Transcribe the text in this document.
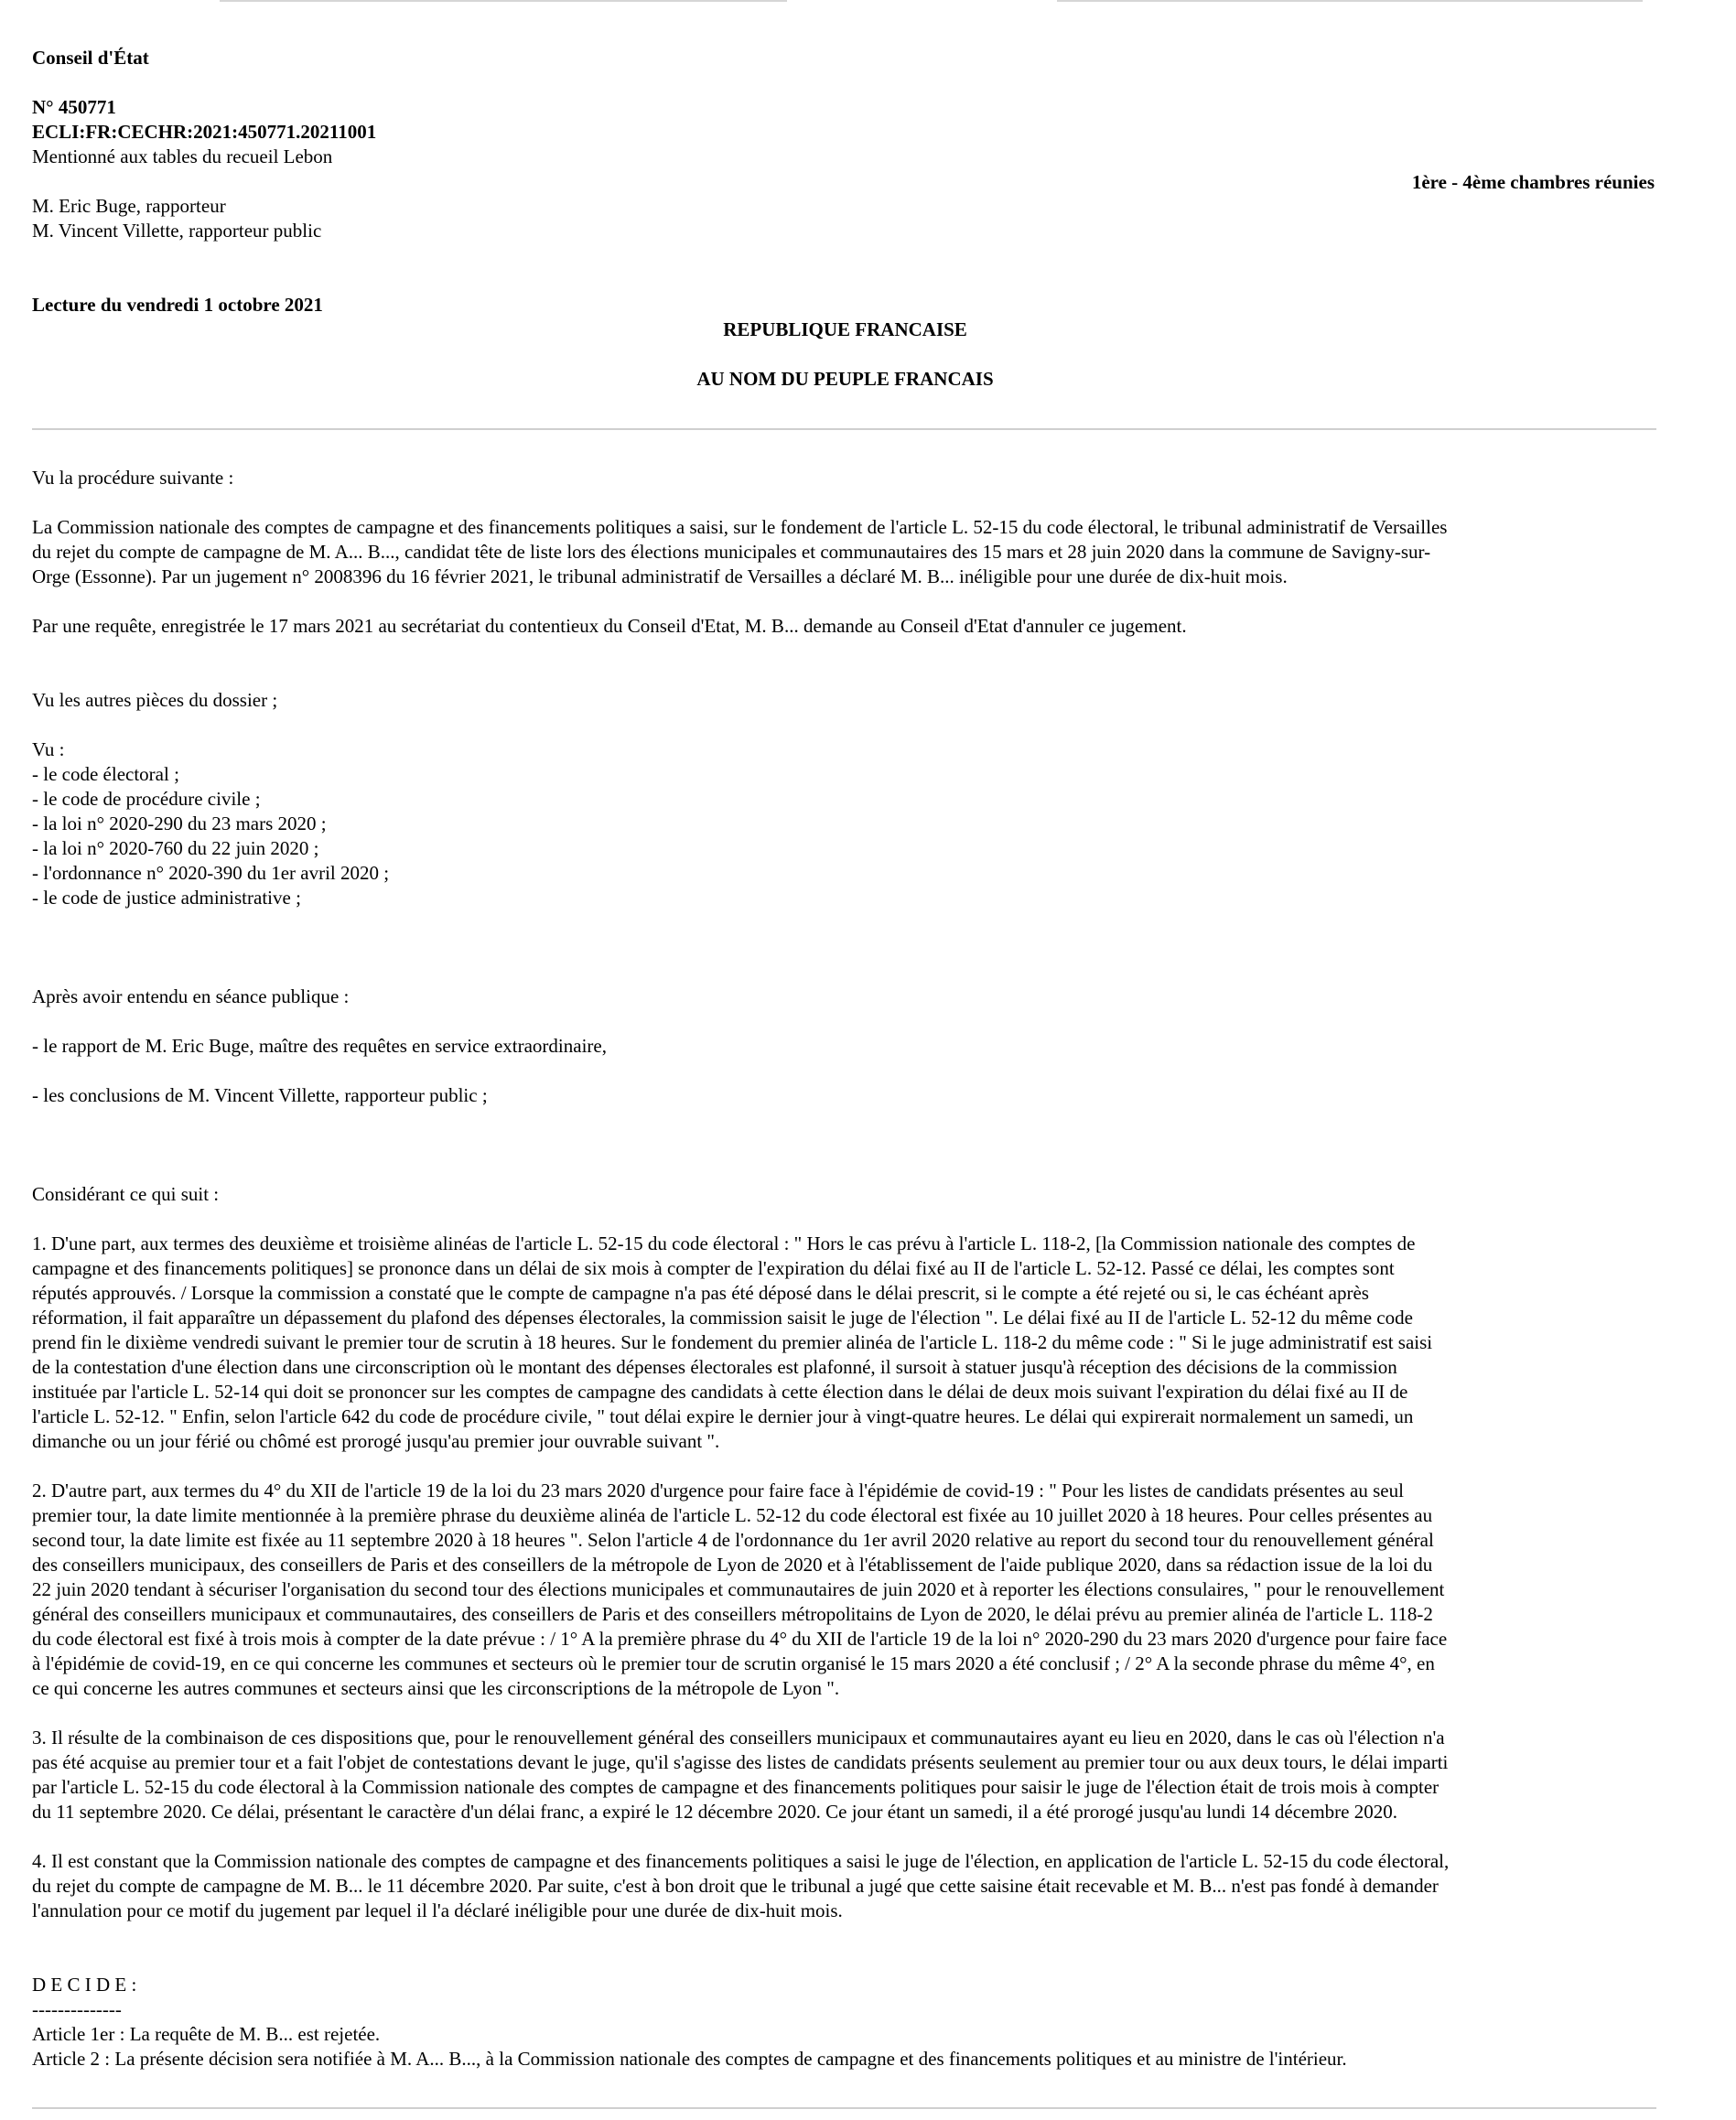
Conseil d'État
N° 450771
ECLI:FR:CECHR:2021:450771.20211001
Mentionné aux tables du recueil Lebon
1ère - 4ème chambres réunies
M. Eric Buge, rapporteur
M. Vincent Villette, rapporteur public
Lecture du vendredi 1 octobre 2021
REPUBLIQUE FRANCAISE
AU NOM DU PEUPLE FRANCAIS

Vu la procédure suivante :

La Commission nationale des comptes de campagne et des financements politiques a saisi, sur le fondement de l'article L. 52-15 du code électoral, le tribunal administratif de Versailles
du rejet du compte de campagne de M. A... B..., candidat tête de liste lors des élections municipales et communautaires des 15 mars et 28 juin 2020 dans la commune de Savigny-sur-
Orge (Essonne). Par un jugement n° 2008396 du 16 février 2021, le tribunal administratif de Versailles a déclaré M. B... inéligible pour une durée de dix-huit mois.

Par une requête, enregistrée le 17 mars 2021 au secrétariat du contentieux du Conseil d'Etat, M. B... demande au Conseil d'Etat d'annuler ce jugement.

Vu les autres pièces du dossier ;

Vu :
- le code électoral ;
- le code de procédure civile ;
- la loi n° 2020-290 du 23 mars 2020 ;
- la loi n° 2020-760 du 22 juin 2020 ;
- l'ordonnance n° 2020-390 du 1er avril 2020 ;
- le code de justice administrative ;

Après avoir entendu en séance publique :

- le rapport de M. Eric Buge, maître des requêtes en service extraordinaire,

- les conclusions de M. Vincent Villette, rapporteur public ;

Considérant ce qui suit :

1. D'une part, aux termes des deuxième et troisième alinéas de l'article L. 52-15 du code électoral : " Hors le cas prévu à l'article L. 118-2, [la Commission nationale des comptes de
campagne et des financements politiques] se prononce dans un délai de six mois à compter de l'expiration du délai fixé au II de l'article L. 52-12. Passé ce délai, les comptes sont
réputés approuvés. / Lorsque la commission a constaté que le compte de campagne n'a pas été déposé dans le délai prescrit, si le compte a été rejeté ou si, le cas échéant après
réformation, il fait apparaître un dépassement du plafond des dépenses électorales, la commission saisit le juge de l'élection ". Le délai fixé au II de l'article L. 52-12 du même code
prend fin le dixième vendredi suivant le premier tour de scrutin à 18 heures. Sur le fondement du premier alinéa de l'article L. 118-2 du même code : " Si le juge administratif est saisi
de la contestation d'une élection dans une circonscription où le montant des dépenses électorales est plafonné, il sursoit à statuer jusqu'à réception des décisions de la commission
instituée par l'article L. 52-14 qui doit se prononcer sur les comptes de campagne des candidats à cette élection dans le délai de deux mois suivant l'expiration du délai fixé au II de
l'article L. 52-12. " Enfin, selon l'article 642 du code de procédure civile, " tout délai expire le dernier jour à vingt-quatre heures. Le délai qui expirerait normalement un samedi, un
dimanche ou un jour férié ou chômé est prorogé jusqu'au premier jour ouvrable suivant ".

2. D'autre part, aux termes du 4° du XII de l'article 19 de la loi du 23 mars 2020 d'urgence pour faire face à l'épidémie de covid-19 : " Pour les listes de candidats présentes au seul
premier tour, la date limite mentionnée à la première phrase du deuxième alinéa de l'article L. 52-12 du code électoral est fixée au 10 juillet 2020 à 18 heures. Pour celles présentes au
second tour, la date limite est fixée au 11 septembre 2020 à 18 heures ". Selon l'article 4 de l'ordonnance du 1er avril 2020 relative au report du second tour du renouvellement général
des conseillers municipaux, des conseillers de Paris et des conseillers de la métropole de Lyon de 2020 et à l'établissement de l'aide publique 2020, dans sa rédaction issue de la loi du
22 juin 2020 tendant à sécuriser l'organisation du second tour des élections municipales et communautaires de juin 2020 et à reporter les élections consulaires, " pour le renouvellement
général des conseillers municipaux et communautaires, des conseillers de Paris et des conseillers métropolitains de Lyon de 2020, le délai prévu au premier alinéa de l'article L. 118-2
du code électoral est fixé à trois mois à compter de la date prévue : / 1° A la première phrase du 4° du XII de l'article 19 de la loi n° 2020-290 du 23 mars 2020 d'urgence pour faire face
à l'épidémie de covid-19, en ce qui concerne les communes et secteurs où le premier tour de scrutin organisé le 15 mars 2020 a été conclusif ; / 2° A la seconde phrase du même 4°, en
ce qui concerne les autres communes et secteurs ainsi que les circonscriptions de la métropole de Lyon ".

3. Il résulte de la combinaison de ces dispositions que, pour le renouvellement général des conseillers municipaux et communautaires ayant eu lieu en 2020, dans le cas où l'élection n'a
pas été acquise au premier tour et a fait l'objet de contestations devant le juge, qu'il s'agisse des listes de candidats présents seulement au premier tour ou aux deux tours, le délai imparti
par l'article L. 52-15 du code électoral à la Commission nationale des comptes de campagne et des financements politiques pour saisir le juge de l'élection était de trois mois à compter
du 11 septembre 2020. Ce délai, présentant le caractère d'un délai franc, a expiré le 12 décembre 2020. Ce jour étant un samedi, il a été prorogé jusqu'au lundi 14 décembre 2020.

4. Il est constant que la Commission nationale des comptes de campagne et des financements politiques a saisi le juge de l'élection, en application de l'article L. 52-15 du code électoral,
du rejet du compte de campagne de M. B... le 11 décembre 2020. Par suite, c'est à bon droit que le tribunal a jugé que cette saisine était recevable et M. B... n'est pas fondé à demander
l'annulation pour ce motif du jugement par lequel il l'a déclaré inéligible pour une durée de dix-huit mois.

D E C I D E :
--------------
Article 1er : La requête de M. B... est rejetée.
Article 2 : La présente décision sera notifiée à M. A... B..., à la Commission nationale des comptes de campagne et des financements politiques et au ministre de l'intérieur.
